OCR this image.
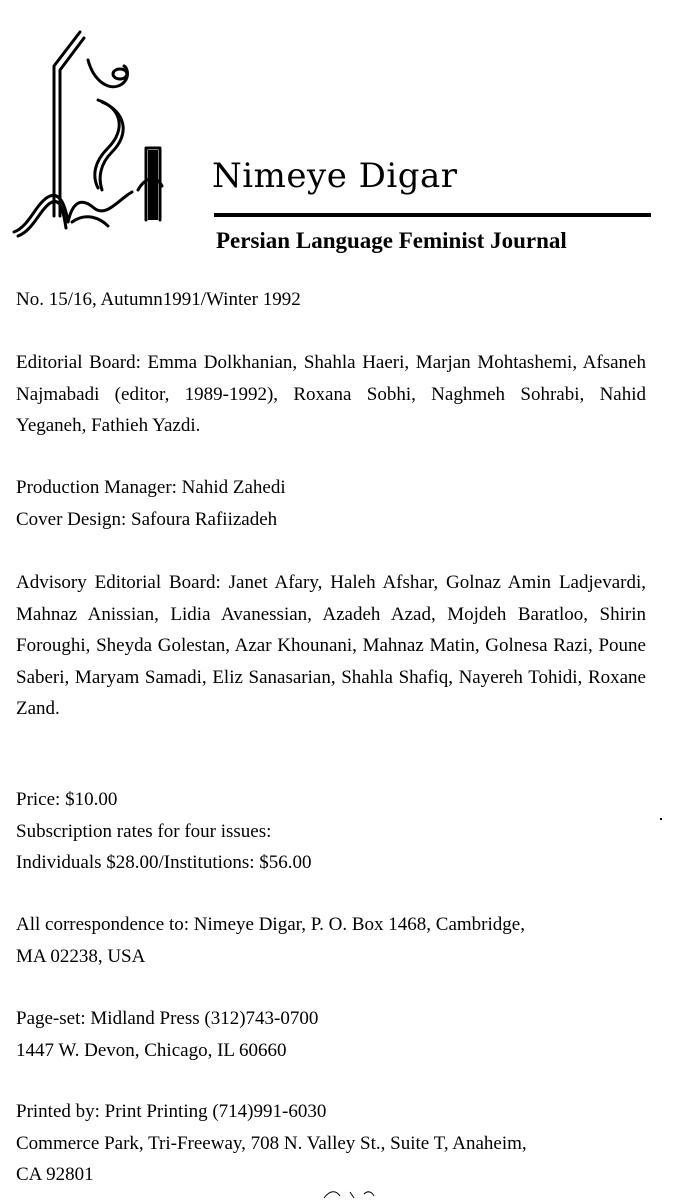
Nimeye Digar
Persian Language Feminist Journal

No. 15/16, Autumn1991/Winter 1992

Editorial Board: Emma Dolkhanian, Shahla Haeri, Marjan Mohtashemi, Afsaneh Najmabadi (editor, 1989-1992), Roxana Sobhi, Naghmeh Sohrabi, Nahid Yeganeh, Fathieh Yazdi.

Production Manager: Nahid Zahedi
Cover Design: Safoura Rafiizadeh

Advisory Editorial Board: Janet Afary, Haleh Afshar, Golnaz Amin Ladjevardi, Mahnaz Anissian, Lidia Avanessian, Azadeh Azad, Mojdeh Baratloo, Shirin Foroughi, Sheyda Golestan, Azar Khounani, Mahnaz Matin, Golnesa Razi, Poune Saberi, Maryam Samadi, Eliz Sanasarian, Shahla Shafiq, Nayereh Tohidi, Roxane Zand.

Price: $10.00
Subscription rates for four issues:
Individuals $28.00/Institutions: $56.00
All correspondence to: Nimeye Digar, P. O. Box 1468, Cambridge,
MA 02238, USA
Page-set: Midland Press (312)743-0700
1447 W. Devon, Chicago, IL 60660
Printed by: Print Printing (714)991-6030
Commerce Park, Tri-Freeway, 708 N. Valley St., Suite T, Anaheim,
CA 92801
